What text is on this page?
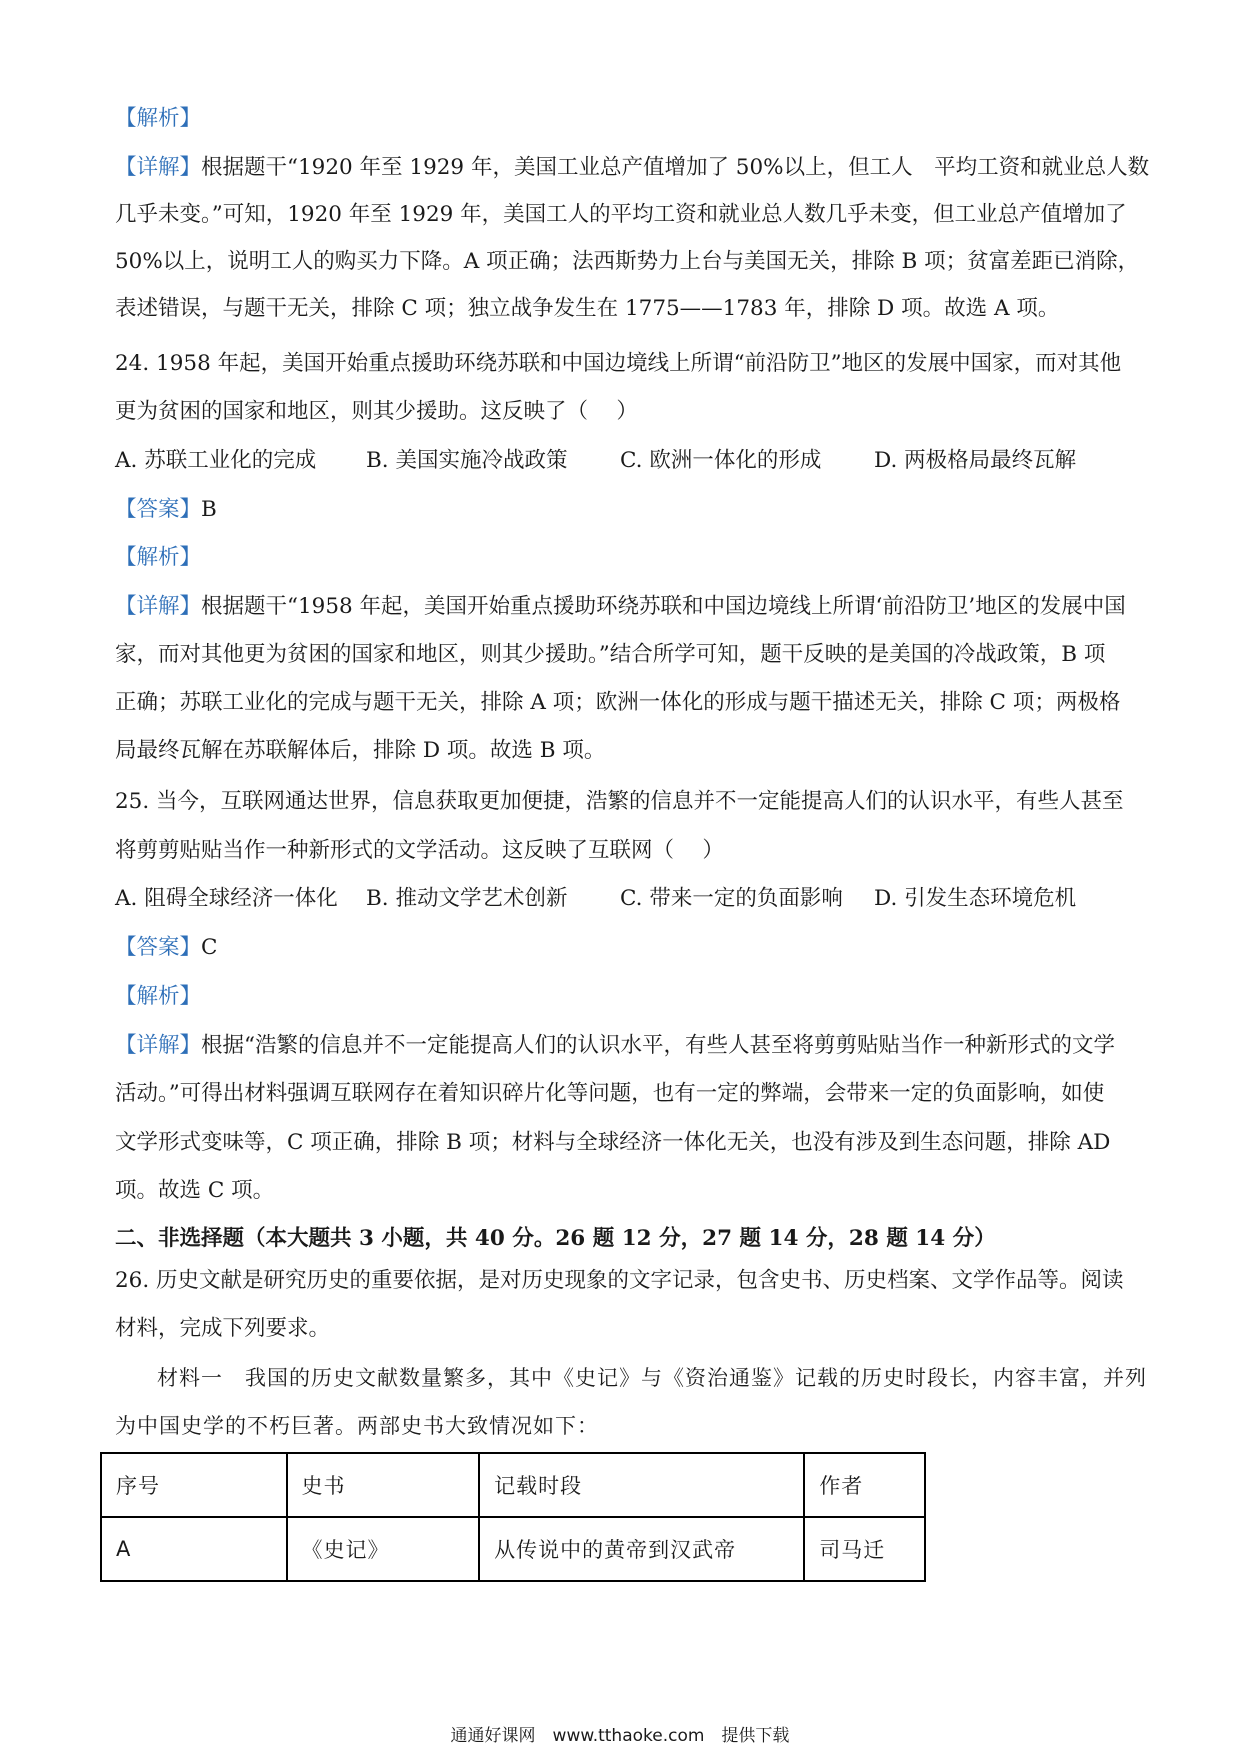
【解析】
【详解】根据题干“1920 年至 1929 年，美国工业总产值增加了 50%以上，但工人　平均工资和就业总人数
几乎未变。”可知，1920 年至 1929 年，美国工人的平均工资和就业总人数几乎未变，但工业总产值增加了
50%以上，说明工人的购买力下降。A 项正确；法西斯势力上台与美国无关，排除 B 项；贫富差距已消除，
表述错误，与题干无关，排除 C 项；独立战争发生在 1775——1783 年，排除 D 项。故选 A 项。
24. 1958 年起，美国开始重点援助环绕苏联和中国边境线上所谓“前沿防卫”地区的发展中国家，而对其他
更为贫困的国家和地区，则其少援助。这反映了（　 ）
A. 苏联工业化的完成 B. 美国实施冷战政策 C. 欧洲一体化的形成 D. 两极格局最终瓦解
【答案】B
【解析】
【详解】根据题干“1958 年起，美国开始重点援助环绕苏联和中国边境线上所谓‘前沿防卫’地区的发展中国
家，而对其他更为贫困的国家和地区，则其少援助。”结合所学可知，题干反映的是美国的冷战政策，B 项
正确；苏联工业化的完成与题干无关，排除 A 项；欧洲一体化的形成与题干描述无关，排除 C 项；两极格
局最终瓦解在苏联解体后，排除 D 项。故选 B 项。
25. 当今，互联网通达世界，信息获取更加便捷，浩繁的信息并不一定能提高人们的认识水平，有些人甚至
将剪剪贴贴当作一种新形式的文学活动。这反映了互联网（　 ）
A. 阻碍全球经济一体化 B. 推动文学艺术创新 C. 带来一定的负面影响 D. 引发生态环境危机
【答案】C
【解析】
【详解】根据“浩繁的信息并不一定能提高人们的认识水平，有些人甚至将剪剪贴贴当作一种新形式的文学
活动。”可得出材料强调互联网存在着知识碎片化等问题，也有一定的弊端，会带来一定的负面影响，如使
文学形式变味等，C 项正确，排除 B 项；材料与全球经济一体化无关，也没有涉及到生态问题，排除 AD
项。故选 C 项。
二、非选择题（本大题共 3 小题，共 40 分。26 题 12 分，27 题 14 分，28 题 14 分）
26. 历史文献是研究历史的重要依据，是对历史现象的文字记录，包含史书、历史档案、文学作品等。阅读
材料，完成下列要求。
材料一　我国的历史文献数量繁多，其中《史记》与《资治通鉴》记载的历史时段长，内容丰富，并列
为中国史学的不朽巨著。两部史书大致情况如下：
序号	史书	记载时段	作者
A	《史记》	从传说中的黄帝到汉武帝	司马迁
通通好课网　www.tthaoke.com　提供下载
